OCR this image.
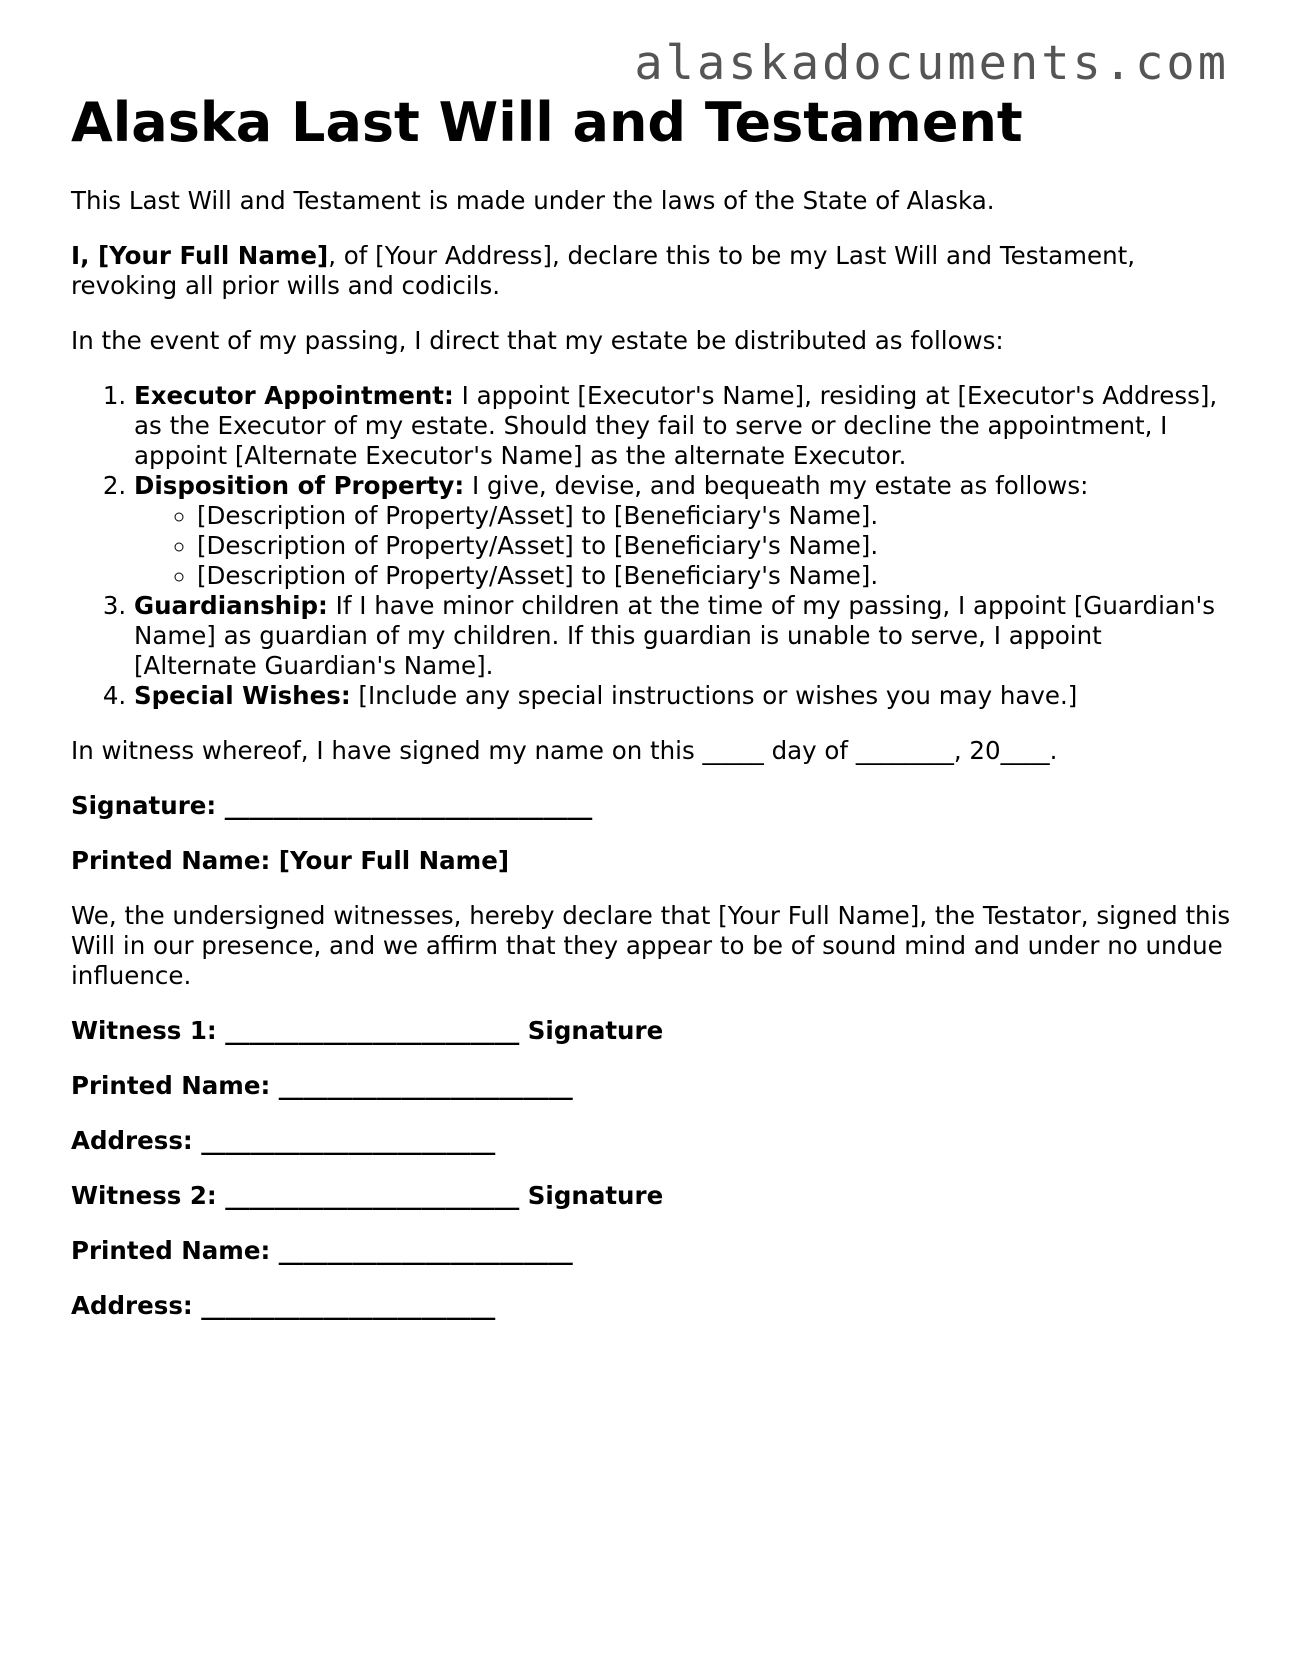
alaskadocuments.com
Alaska Last Will and Testament

This Last Will and Testament is made under the laws of the State of Alaska.

I, [Your Full Name], of [Your Address], declare this to be my Last Will and Testament, revoking all prior wills and codicils.

In the event of my passing, I direct that my estate be distributed as follows:

1. Executor Appointment: I appoint [Executor's Name], residing at [Executor's Address], as the Executor of my estate. Should they fail to serve or decline the appointment, I appoint [Alternate Executor's Name] as the alternate Executor.
2. Disposition of Property: I give, devise, and bequeath my estate as follows:
◦ [Description of Property/Asset] to [Beneficiary's Name].
◦ [Description of Property/Asset] to [Beneficiary's Name].
◦ [Description of Property/Asset] to [Beneficiary's Name].
3. Guardianship: If I have minor children at the time of my passing, I appoint [Guardian's Name] as guardian of my children. If this guardian is unable to serve, I appoint [Alternate Guardian's Name].
4. Special Wishes: [Include any special instructions or wishes you may have.]

In witness whereof, I have signed my name on this _____ day of ________, 20____.

Signature: ______________________________

Printed Name: [Your Full Name]

We, the undersigned witnesses, hereby declare that [Your Full Name], the Testator, signed this Will in our presence, and we affirm that they appear to be of sound mind and under no undue influence.

Witness 1: ________________________ Signature

Printed Name: ________________________

Address: ________________________

Witness 2: ________________________ Signature

Printed Name: ________________________

Address: ________________________
